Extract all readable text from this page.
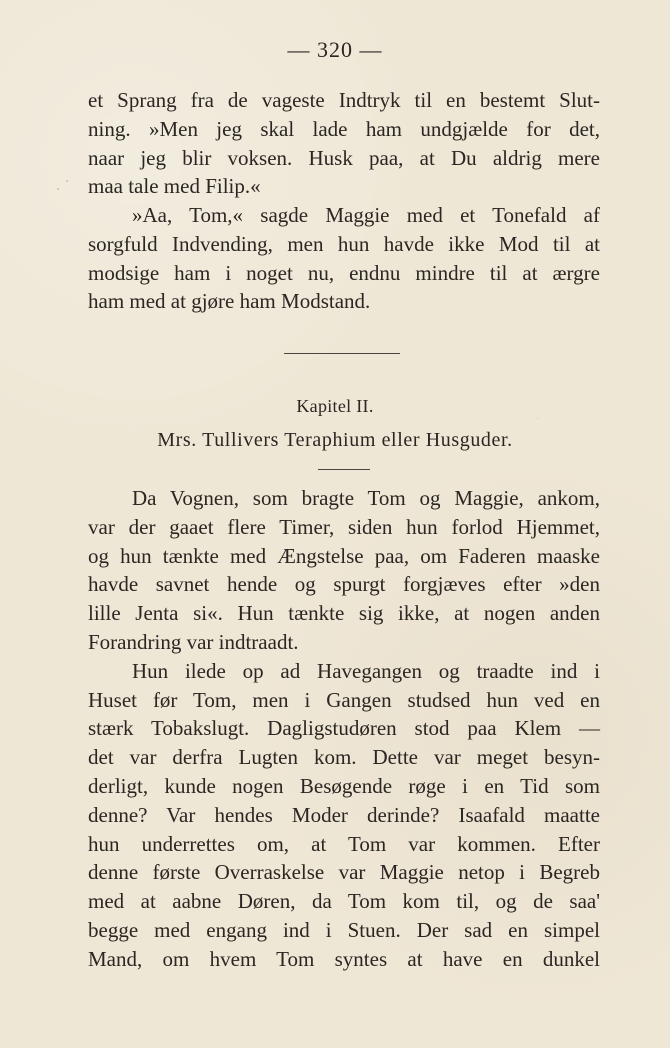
— 320 —
et Sprang fra de vageste Indtryk til en bestemt Slut-
ning. »Men jeg skal lade ham undgjælde for det,
naar jeg blir voksen. Husk paa, at Du aldrig mere
maa tale med Filip.«
»Aa, Tom,« sagde Maggie med et Tonefald af
sorgfuld Indvending, men hun havde ikke Mod til at
modsige ham i noget nu, endnu mindre til at ærgre
ham med at gjøre ham Modstand.
Kapitel II.
Mrs. Tullivers Teraphium eller Husguder.
Da Vognen, som bragte Tom og Maggie, ankom,
var der gaaet flere Timer, siden hun forlod Hjemmet,
og hun tænkte med Ængstelse paa, om Faderen maaske
havde savnet hende og spurgt forgjæves efter »den
lille Jenta si«. Hun tænkte sig ikke, at nogen anden
Forandring var indtraadt.
Hun ilede op ad Havegangen og traadte ind i
Huset før Tom, men i Gangen studsed hun ved en
stærk Tobakslugt. Dagligstudøren stod paa Klem —
det var derfra Lugten kom. Dette var meget besyn-
derligt, kunde nogen Besøgende røge i en Tid som
denne? Var hendes Moder derinde? Isaafald maatte
hun underrettes om, at Tom var kommen. Efter
denne første Overraskelse var Maggie netop i Begreb
med at aabne Døren, da Tom kom til, og de saa'
begge med engang ind i Stuen. Der sad en simpel
Mand, om hvem Tom syntes at have en dunkel
